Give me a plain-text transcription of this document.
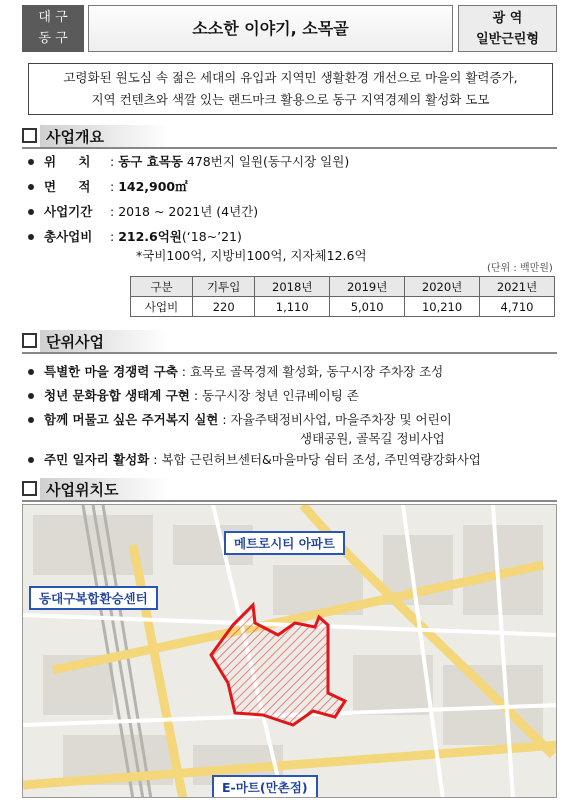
대 구
동 구
소소한 이야기, 소목골
광 역
일반근린형
고령화된 원도심 속 젊은 세대의 유입과 지역민 생활환경 개선으로 마을의 활력증가,
지역 컨텐츠와 색깔 있는 랜드마크 활용으로 동구 지역경제의 활성화 도모
사업개요
위 치 : 동구 효목동 478번지 일원(동구시장 일원)
면 적 : 142,900㎡
사업기간 : 2018 ~ 2021년 (4년간)
총사업비 : 212.6억원(‘18~’21)
*국비100억, 지방비100억, 지자체12.6억
(단위 : 백만원)
구분	기투입	2018년	2019년	2020년	2021년
사업비	220	1,110	5,010	10,210	4,710
단위사업
특별한 마을 경쟁력 구축 : 효목로 골목경제 활성화, 동구시장 주차장 조성
청년 문화융합 생태계 구현 : 동구시장 청년 인큐베이팅 존
함께 머물고 싶은 주거복지 실현 : 자율주택정비사업, 마을주차장 및 어린이
생태공원, 골목길 정비사업
주민 일자리 활성화 : 복합 근린허브센터&마을마당 쉼터 조성, 주민역량강화사업
사업위치도
메트로시티 아파트
동대구복합환승센터
E-마트(만촌점)
